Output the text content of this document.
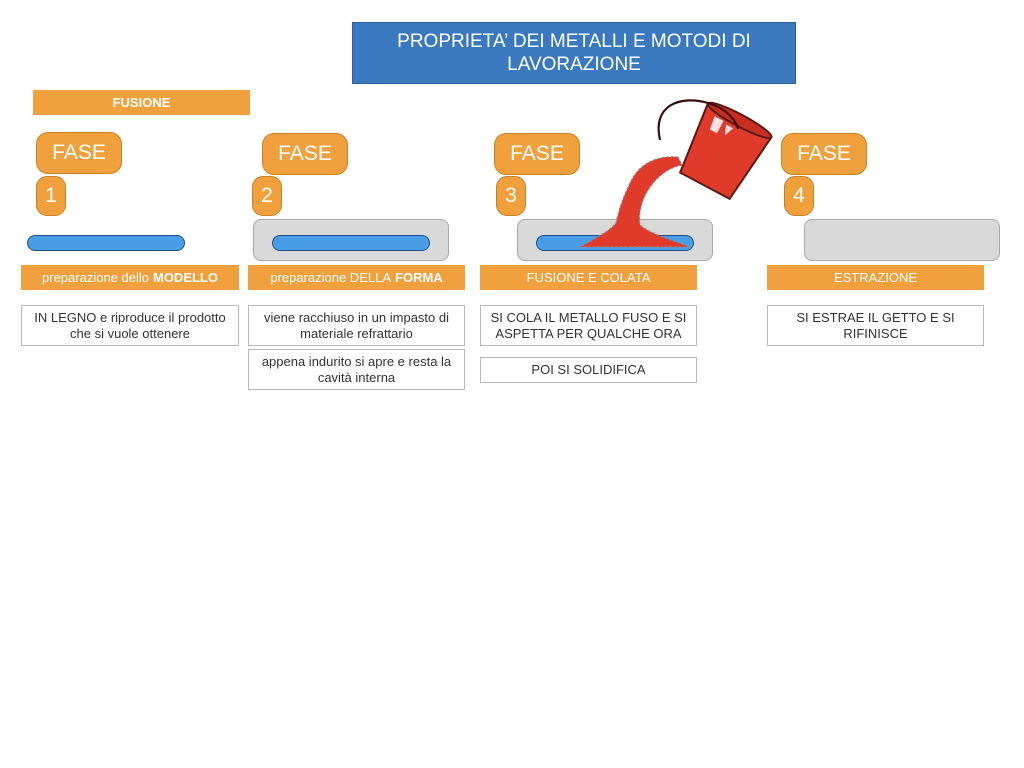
PROPRIETA’ DEI METALLI E MOTODI DI LAVORAZIONE
FUSIONE
FASE
1
preparazione dello MODELLO
IN LEGNO e riproduce il prodotto che si vuole ottenere
FASE
2
preparazione DELLA FORMA
viene racchiuso in un impasto di materiale refrattario
appena indurito si apre e resta la cavità interna
FASE
3
FUSIONE E COLATA
SI COLA IL METALLO FUSO E SI ASPETTA PER QUALCHE ORA
POI SI SOLIDIFICA
FASE
4
ESTRAZIONE
SI ESTRAE IL GETTO E SI RIFINISCE
